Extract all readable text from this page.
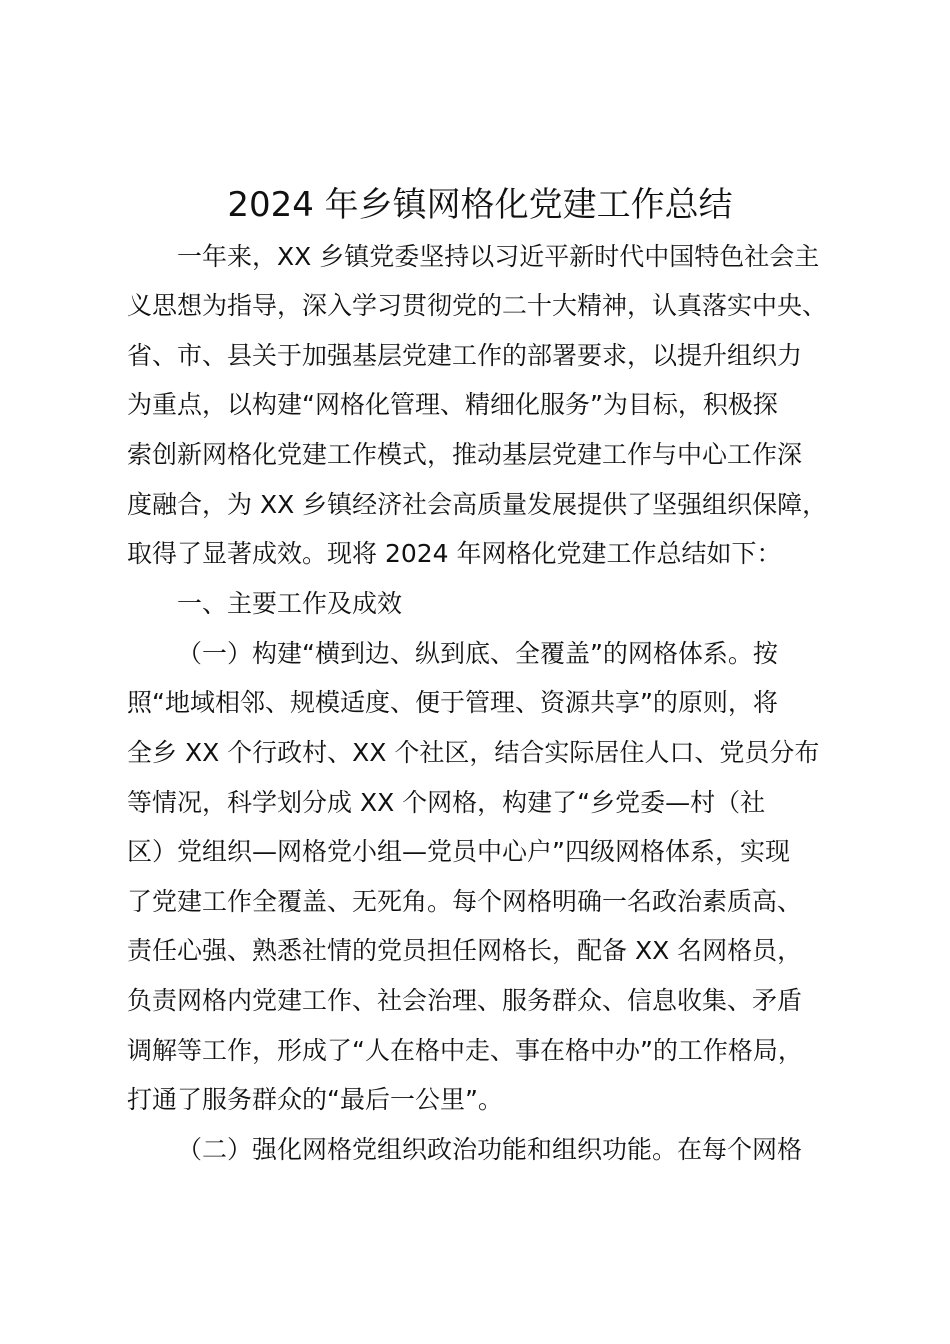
2024 年乡镇网格化党建工作总结
一年来，XX 乡镇党委坚持以习近平新时代中国特色社会主
义思想为指导，深入学习贯彻党的二十大精神，认真落实中央、
省、市、县关于加强基层党建工作的部署要求，以提升组织力
为重点，以构建“网格化管理、精细化服务”为目标，积极探
索创新网格化党建工作模式，推动基层党建工作与中心工作深
度融合，为 XX 乡镇经济社会高质量发展提供了坚强组织保障，
取得了显著成效。现将 2024 年网格化党建工作总结如下：
一、主要工作及成效
（一）构建“横到边、纵到底、全覆盖”的网格体系。按
照“地域相邻、规模适度、便于管理、资源共享”的原则，将
全乡 XX 个行政村、XX 个社区，结合实际居住人口、党员分布
等情况，科学划分成 XX 个网格，构建了“乡党委—村（社
区）党组织—网格党小组—党员中心户”四级网格体系，实现
了党建工作全覆盖、无死角。每个网格明确一名政治素质高、
责任心强、熟悉社情的党员担任网格长，配备 XX 名网格员，
负责网格内党建工作、社会治理、服务群众、信息收集、矛盾
调解等工作，形成了“人在格中走、事在格中办”的工作格局，
打通了服务群众的“最后一公里”。
（二）强化网格党组织政治功能和组织功能。在每个网格
